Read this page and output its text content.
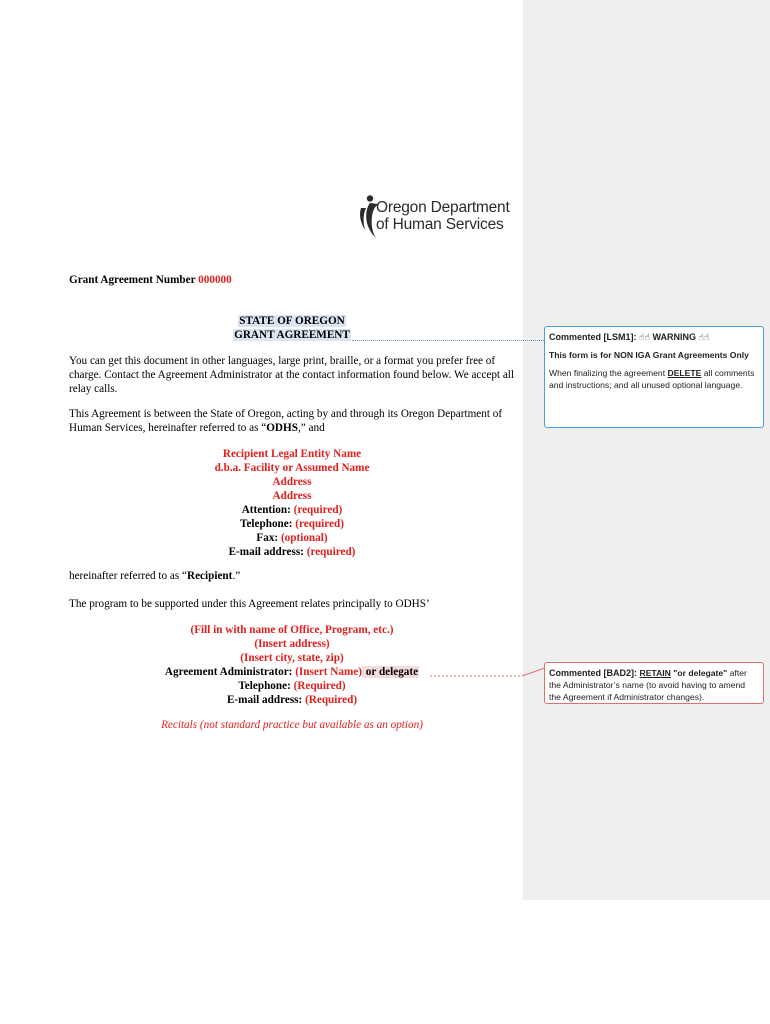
Oregon Department
of Human Services
Grant Agreement Number 000000
STATE OF OREGON
GRANT AGREEMENT
You can get this document in other languages, large print, braille, or a format you prefer free of charge. Contact the Agreement Administrator at the contact information found below. We accept all relay calls.
This Agreement is between the State of Oregon, acting by and through its Oregon Department of Human Services, hereinafter referred to as “ODHS,” and
Recipient Legal Entity Name
d.b.a. Facility or Assumed Name
Address
Address
Attention: (required)
Telephone: (required)
Fax: (optional)
E-mail address: (required)
hereinafter referred to as “Recipient.”
The program to be supported under this Agreement relates principally to ODHS’
(Fill in with name of Office, Program, etc.)
(Insert address)
(Insert city, state, zip)
Agreement Administrator: (Insert Name) or delegate
Telephone: (Required)
E-mail address: (Required)
Recitals (not standard practice but available as an option)
Commented [LSM1]: ☝☝ WARNING ☝☝
This form is for NON IGA Grant Agreements Only
When finalizing the agreement DELETE all comments and instructions; and all unused optional language.
Commented [BAD2]: RETAIN "or delegate" after the Administrator’s name (to avoid having to amend the Agreement if Administrator changes).
